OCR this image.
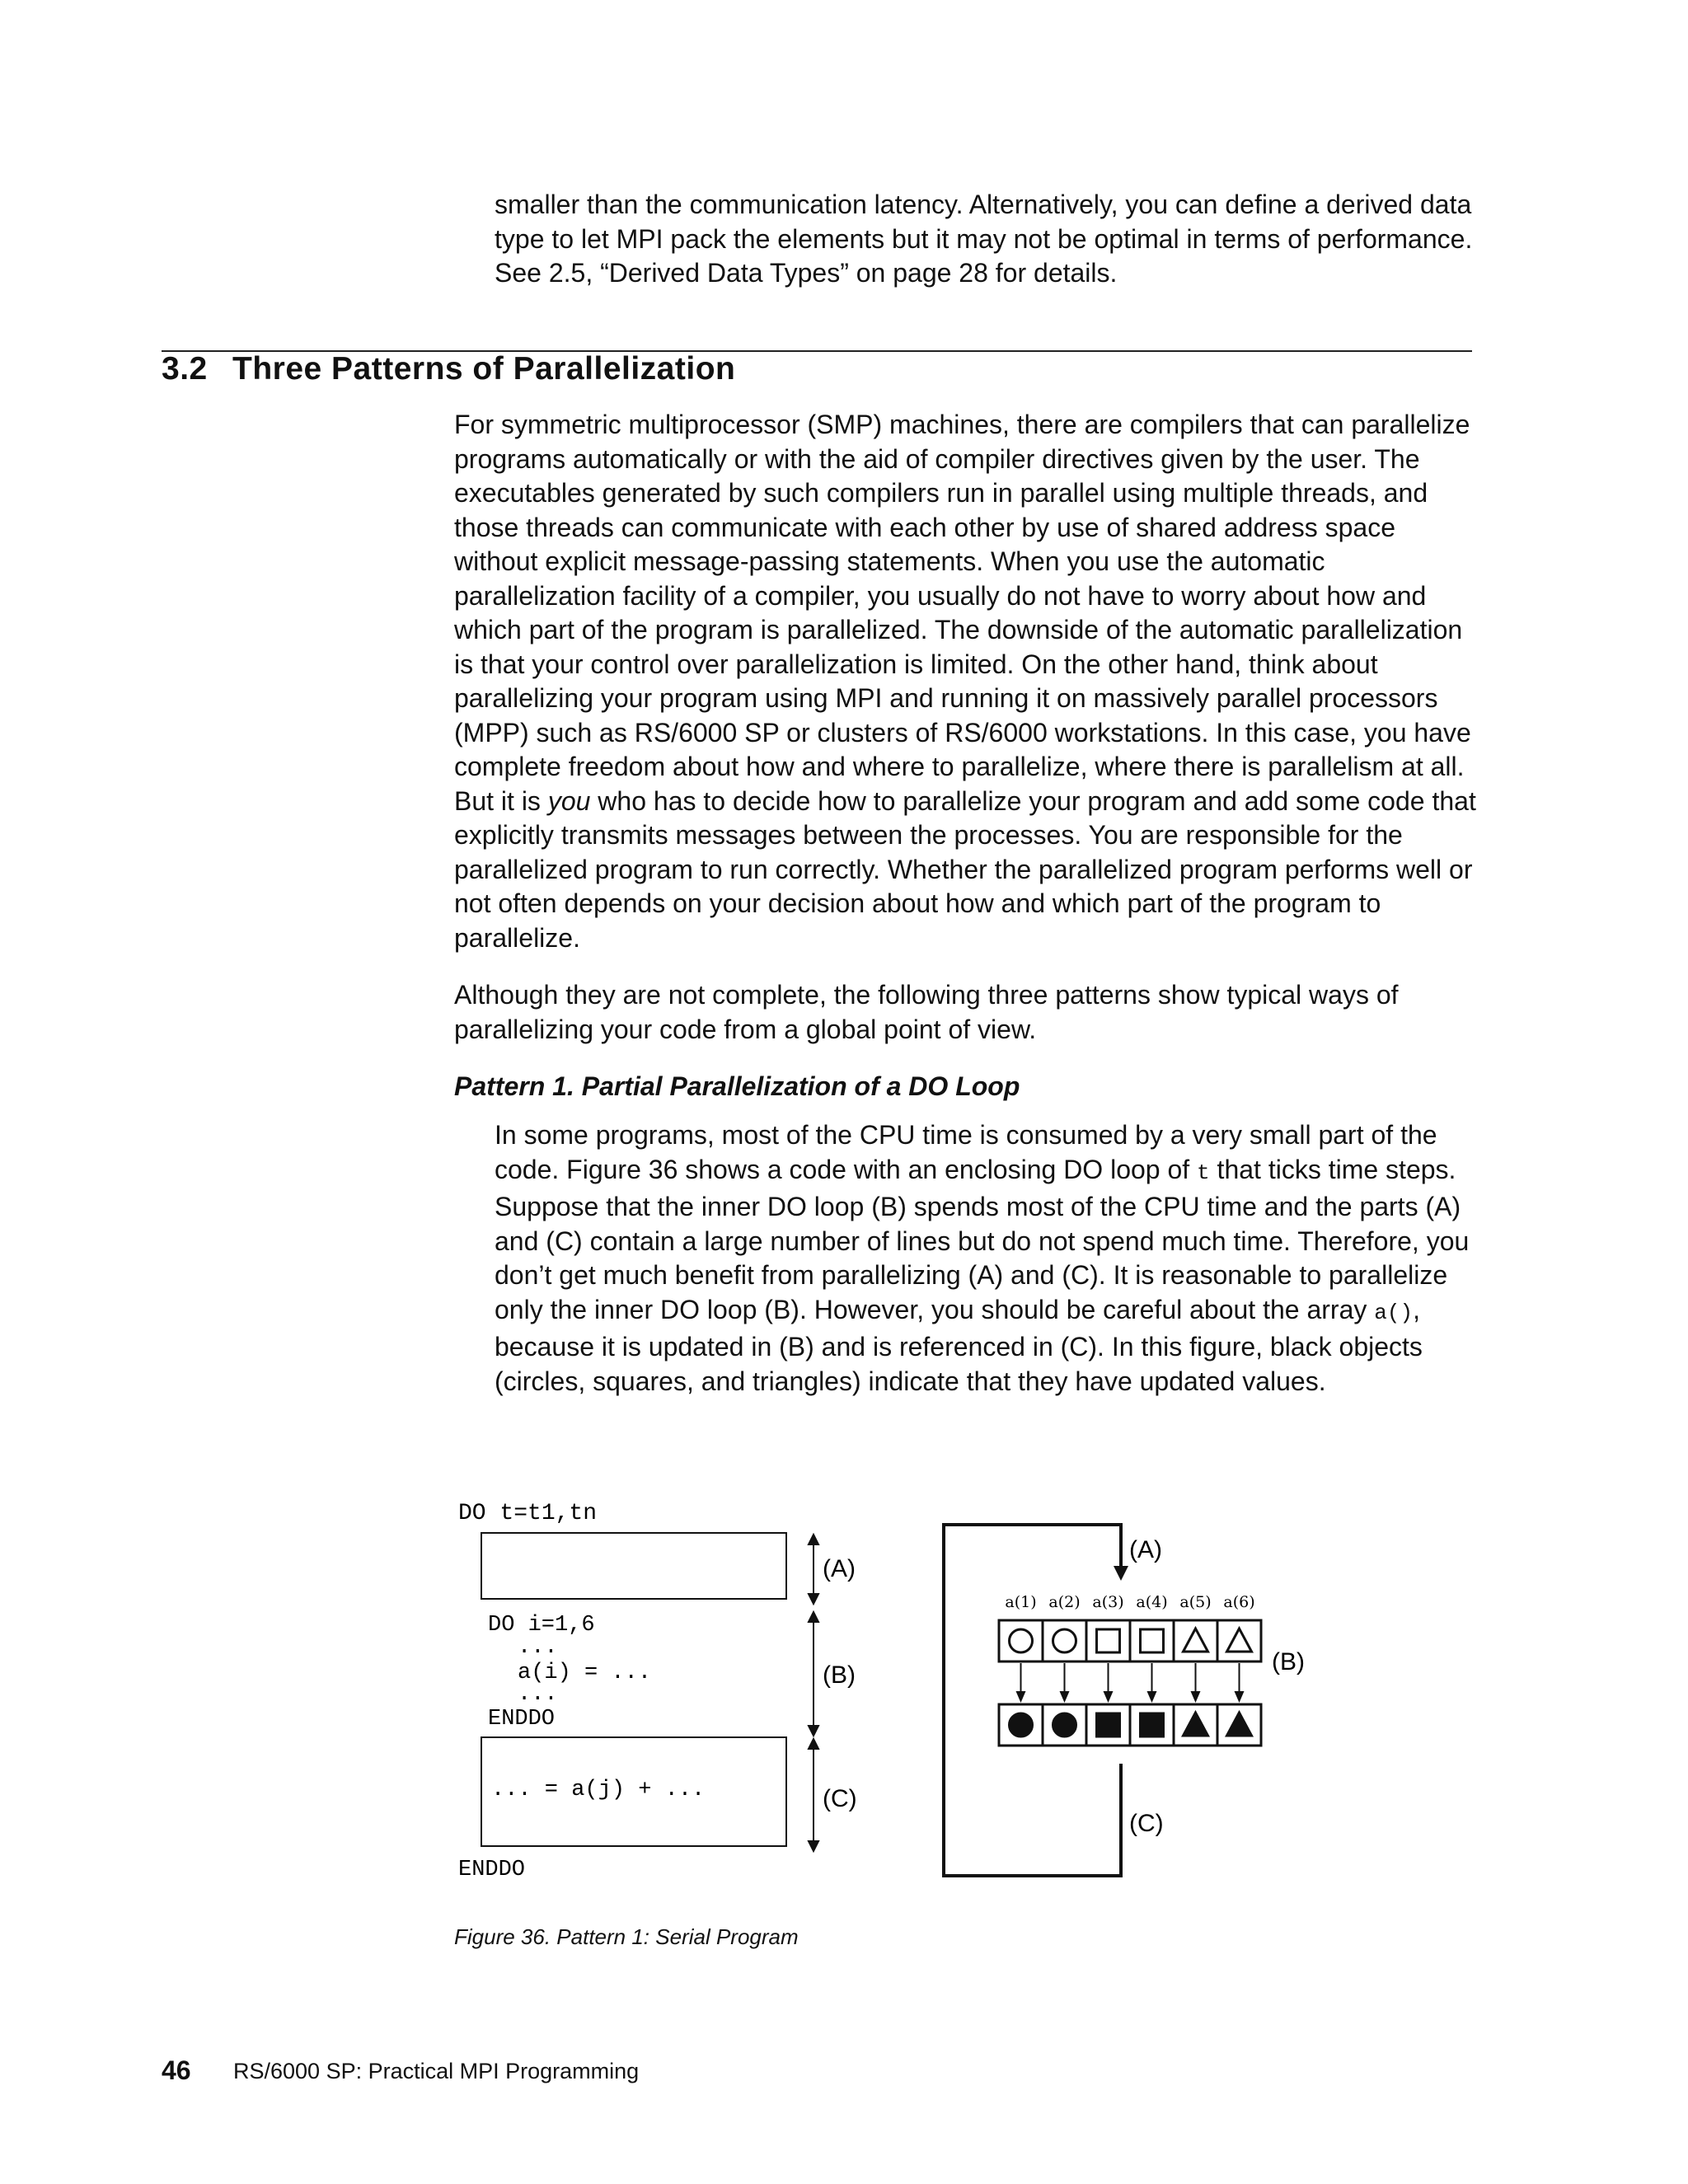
smaller than the communication latency. Alternatively, you can define a derived data type to let MPI pack the elements but it may not be optimal in terms of performance. See 2.5, “Derived Data Types” on page 28 for details.

3.2 Three Patterns of Parallelization

For symmetric multiprocessor (SMP) machines, there are compilers that can parallelize programs automatically or with the aid of compiler directives given by the user. The executables generated by such compilers run in parallel using multiple threads, and those threads can communicate with each other by use of shared address space without explicit message-passing statements. When you use the automatic parallelization facility of a compiler, you usually do not have to worry about how and which part of the program is parallelized. The downside of the automatic parallelization is that your control over parallelization is limited. On the other hand, think about parallelizing your program using MPI and running it on massively parallel processors (MPP) such as RS/6000 SP or clusters of RS/6000 workstations. In this case, you have complete freedom about how and where to parallelize, where there is parallelism at all. But it is you who has to decide how to parallelize your program and add some code that explicitly transmits messages between the processes. You are responsible for the parallelized program to run correctly. Whether the parallelized program performs well or not often depends on your decision about how and which part of the program to parallelize.

Although they are not complete, the following three patterns show typical ways of parallelizing your code from a global point of view.

Pattern 1. Partial Parallelization of a DO Loop

In some programs, most of the CPU time is consumed by a very small part of the code. Figure 36 shows a code with an enclosing DO loop of t that ticks time steps. Suppose that the inner DO loop (B) spends most of the CPU time and the parts (A) and (C) contain a large number of lines but do not spend much time. Therefore, you don’t get much benefit from parallelizing (A) and (C). It is reasonable to parallelize only the inner DO loop (B). However, you should be careful about the array a(), because it is updated in (B) and is referenced in (C). In this figure, black objects (circles, squares, and triangles) indicate that they have updated values.

DO t=t1,tn
DO i=1,6
...
a(i) = ...
...
ENDDO
... = a(j) + ...
ENDDO
(A)
(B)
(C)
(A)
(B)
(C)
a(1) a(2) a(3) a(4) a(5) a(6)

Figure 36. Pattern 1: Serial Program

46 RS/6000 SP: Practical MPI Programming
